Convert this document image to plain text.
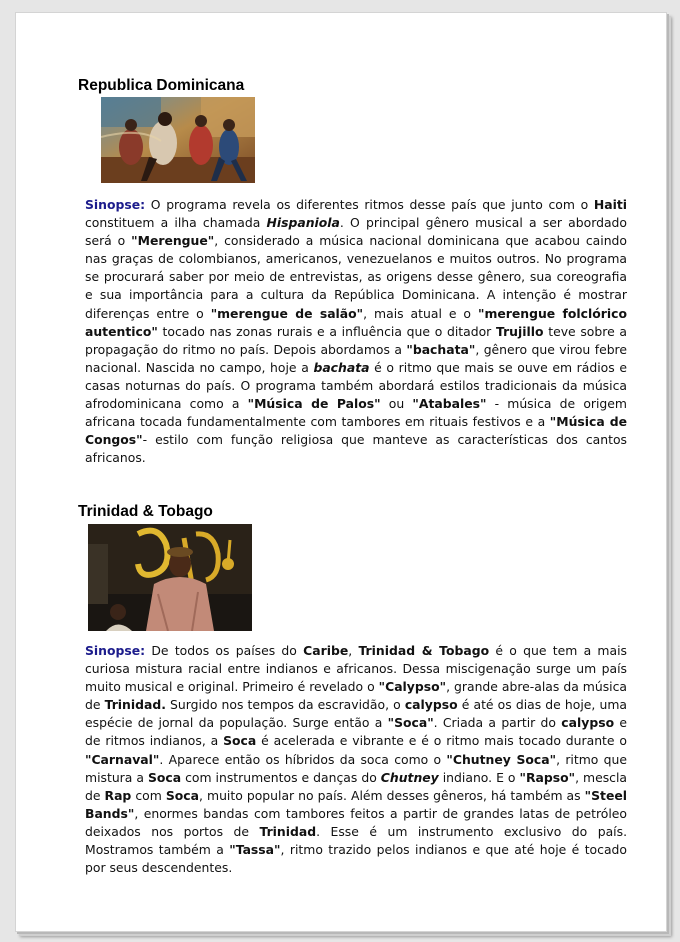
Republica Dominicana

Sinopse: O programa revela os diferentes ritmos desse país que junto com o Haiti constituem a ilha chamada Hispaniola. O principal gênero musical a ser abordado será o "Merengue", considerado a música nacional dominicana que acabou caindo nas graças de colombianos, americanos, venezuelanos e muitos outros. No programa se procurará saber por meio de entrevistas, as origens desse gênero, sua coreografia e sua importância para a cultura da República Dominicana. A intenção é mostrar diferenças entre o "merengue de salão", mais atual e o "merengue folclórico autentico" tocado nas zonas rurais e a influência que o ditador Trujillo teve sobre a propagação do ritmo no país. Depois abordamos a "bachata", gênero que virou febre nacional. Nascida no campo, hoje a bachata é o ritmo que mais se ouve em rádios e casas noturnas do país. O programa também abordará estilos tradicionais da música afrodominicana como a "Música de Palos" ou "Atabales" - música de origem africana tocada fundamentalmente com tambores em rituais festivos e a "Música de Congos"- estilo com função religiosa que manteve as características dos cantos africanos.

Trinidad & Tobago

Sinopse: De todos os países do Caribe, Trinidad & Tobago é o que tem a mais curiosa mistura racial entre indianos e africanos. Dessa miscigenação surge um país muito musical e original. Primeiro é revelado o "Calypso", grande abre-alas da música de Trinidad. Surgido nos tempos da escravidão, o calypso é até os dias de hoje, uma espécie de jornal da população. Surge então a "Soca". Criada a partir do calypso e de ritmos indianos, a Soca é acelerada e vibrante e é o ritmo mais tocado durante o "Carnaval". Aparece então os híbridos da soca como o "Chutney Soca", ritmo que mistura a Soca com instrumentos e danças do Chutney indiano. E o "Rapso", mescla de Rap com Soca, muito popular no país. Além desses gêneros, há também as "Steel Bands", enormes bandas com tambores feitos a partir de grandes latas de petróleo deixados nos portos de Trinidad. Esse é um instrumento exclusivo do país. Mostramos também a "Tassa", ritmo trazido pelos indianos e que até hoje é tocado por seus descendentes.
